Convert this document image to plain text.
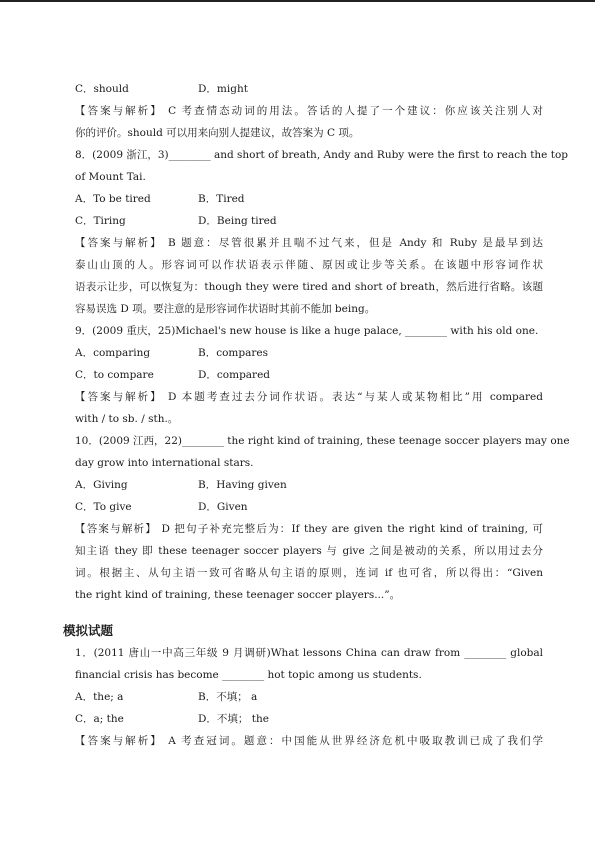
C．should	D．might
【答案与解析】 C 考查情态动词的用法。答话的人提了一个建议：你应该关注别人对
你的评价。should 可以用来向别人提建议，故答案为 C 项。
8．(2009 浙江，3)________ and short of breath, Andy and Ruby were the first to reach the top
of Mount Tai.
A．To be tired	B．Tired
C．Tiring	D．Being tired
【答案与解析】 B 题意：尽管很累并且喘不过气来，但是 Andy 和 Ruby 是最早到达
泰山山顶的人。形容词可以作状语表示伴随、原因或让步等关系。在该题中形容词作状
语表示让步，可以恢复为：though they were tired and short of breath，然后进行省略。该题
容易误选 D 项。要注意的是形容词作状语时其前不能加 being。
9．(2009 重庆，25)Michael's new house is like a huge palace, ________ with his old one.
A．comparing	B．compares
C．to compare	D．compared
【答案与解析】 D 本题考查过去分词作状语。表达“与某人或某物相比”用 compared
with / to sb. / sth.。
10．(2009 江西，22)________ the right kind of training, these teenage soccer players may one
day grow into international stars.
A．Giving	B．Having given
C．To give	D．Given
【答案与解析】 D 把句子补充完整后为：If they are given the right kind of training, 可
知主语 they 即 these teenager soccer players 与 give 之间是被动的关系，所以用过去分
词。根据主、从句主语一致可省略从句主语的原则，连词 if 也可省，所以得出：“Given
the right kind of training, these teenager soccer players...”。
模拟试题
1．(2011 唐山一中高三年级 9 月调研)What lessons China can draw from ________ global
financial crisis has become ________ hot topic among us students.
A．the; a	B．不填； a
C．a; the	D．不填； the
【答案与解析】 A 考查冠词。题意：中国能从世界经济危机中吸取教训已成了我们学
